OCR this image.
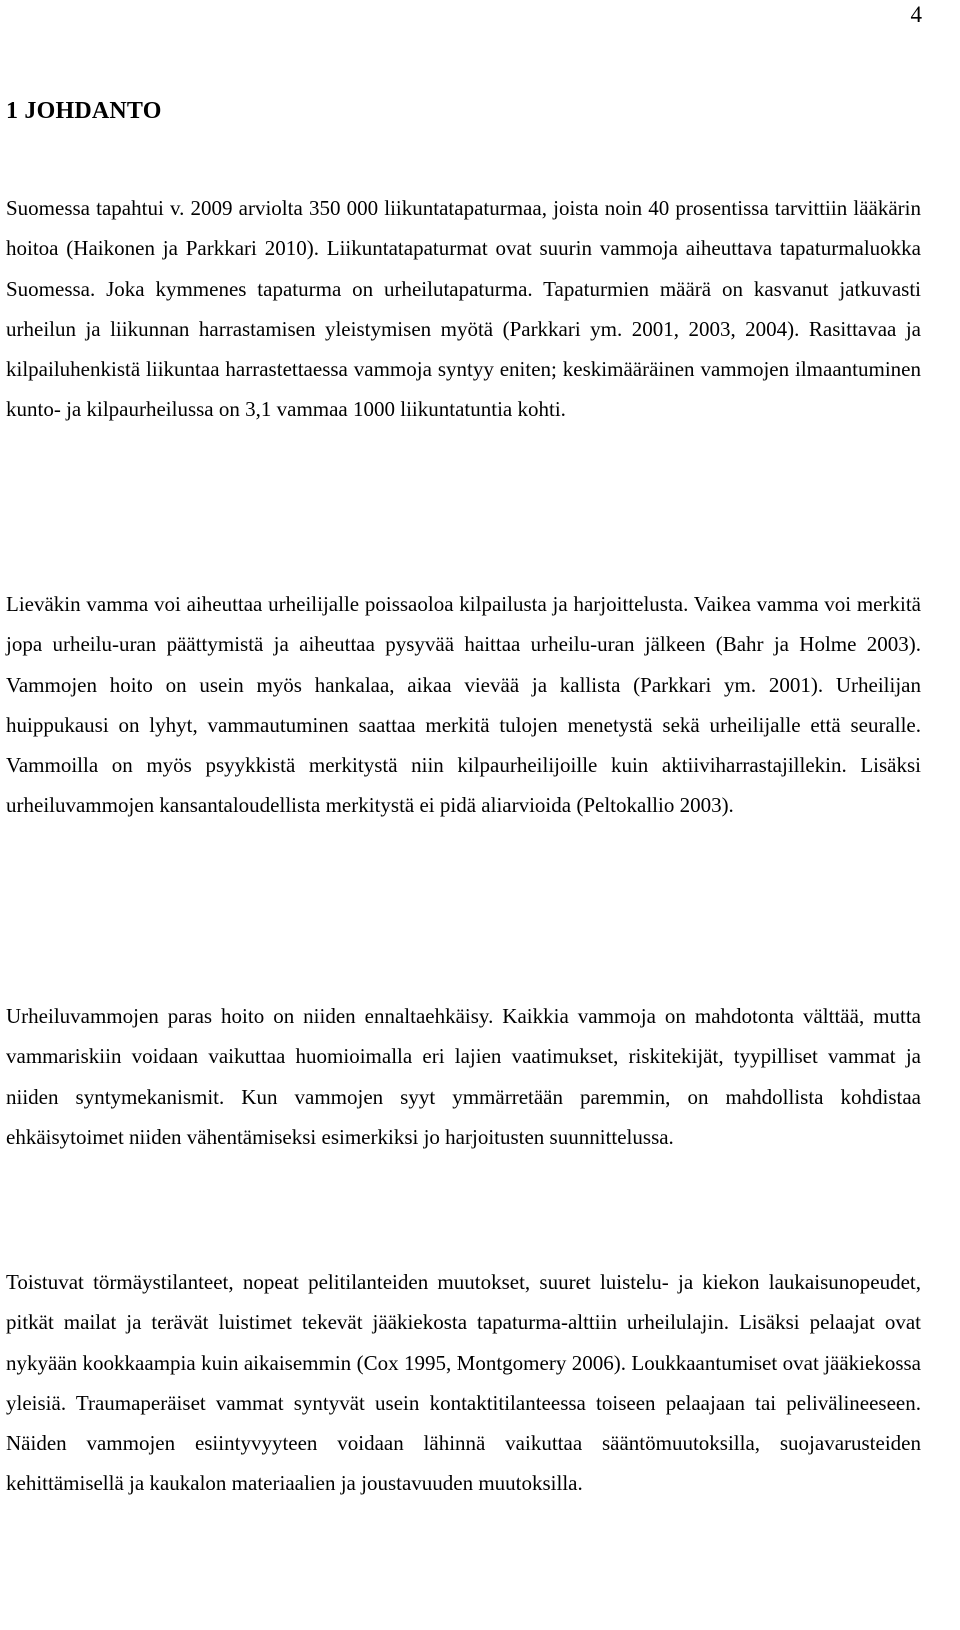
4
1 JOHDANTO

Suomessa tapahtui v. 2009 arviolta 350 000 liikuntatapaturmaa, joista noin 40 prosentissa tarvittiin lääkärin hoitoa (Haikonen ja Parkkari 2010). Liikuntatapaturmat ovat suurin vammoja aiheuttava tapaturmaluokka Suomessa. Joka kymmenes tapaturma on urheilutapaturma. Tapaturmien määrä on kasvanut jatkuvasti urheilun ja liikunnan harrastamisen yleistymisen myötä (Parkkari ym. 2001, 2003, 2004). Rasittavaa ja kilpailuhenkistä liikuntaa harrastettaessa vammoja syntyy eniten; keskimääräinen vammojen ilmaantuminen kunto- ja kilpaurheilussa on 3,1 vammaa 1000 liikuntatuntia kohti.

Lieväkin vamma voi aiheuttaa urheilijalle poissaoloa kilpailusta ja harjoittelusta. Vaikea vamma voi merkitä jopa urheilu-uran päättymistä ja aiheuttaa pysyvää haittaa urheilu-uran jälkeen (Bahr ja Holme 2003). Vammojen hoito on usein myös hankalaa, aikaa vievää ja kallista (Parkkari ym. 2001). Urheilijan huippukausi on lyhyt, vammautuminen saattaa merkitä tulojen menetystä sekä urheilijalle että seuralle. Vammoilla on myös psyykkistä merkitystä niin kilpaurheilijoille kuin aktiiviharrastajillekin. Lisäksi urheiluvammojen kansantaloudellista merkitystä ei pidä aliarvioida (Peltokallio 2003).

Urheiluvammojen paras hoito on niiden ennaltaehkäisy. Kaikkia vammoja on mahdotonta välttää, mutta vammariskiin voidaan vaikuttaa huomioimalla eri lajien vaatimukset, riskitekijät, tyypilliset vammat ja niiden syntymekanismit. Kun vammojen syyt ymmärretään paremmin, on mahdollista kohdistaa ehkäisytoimet niiden vähentämiseksi esimerkiksi jo harjoitusten suunnittelussa.

Toistuvat törmäystilanteet, nopeat pelitilanteiden muutokset, suuret luistelu- ja kiekon laukaisunopeudet, pitkät mailat ja terävät luistimet tekevät jääkiekosta tapaturma-alttiin urheilulajin. Lisäksi pelaajat ovat nykyään kookkaampia kuin aikaisemmin (Cox 1995, Montgomery 2006). Loukkaantumiset ovat jääkiekossa yleisiä. Traumaperäiset vammat syntyvät usein kontaktitilanteessa toiseen pelaajaan tai pelivälineeseen. Näiden vammojen esiintyvyyteen voidaan lähinnä vaikuttaa sääntömuutoksilla, suojavarusteiden kehittämisellä ja kaukalon materiaalien ja joustavuuden muutoksilla.
